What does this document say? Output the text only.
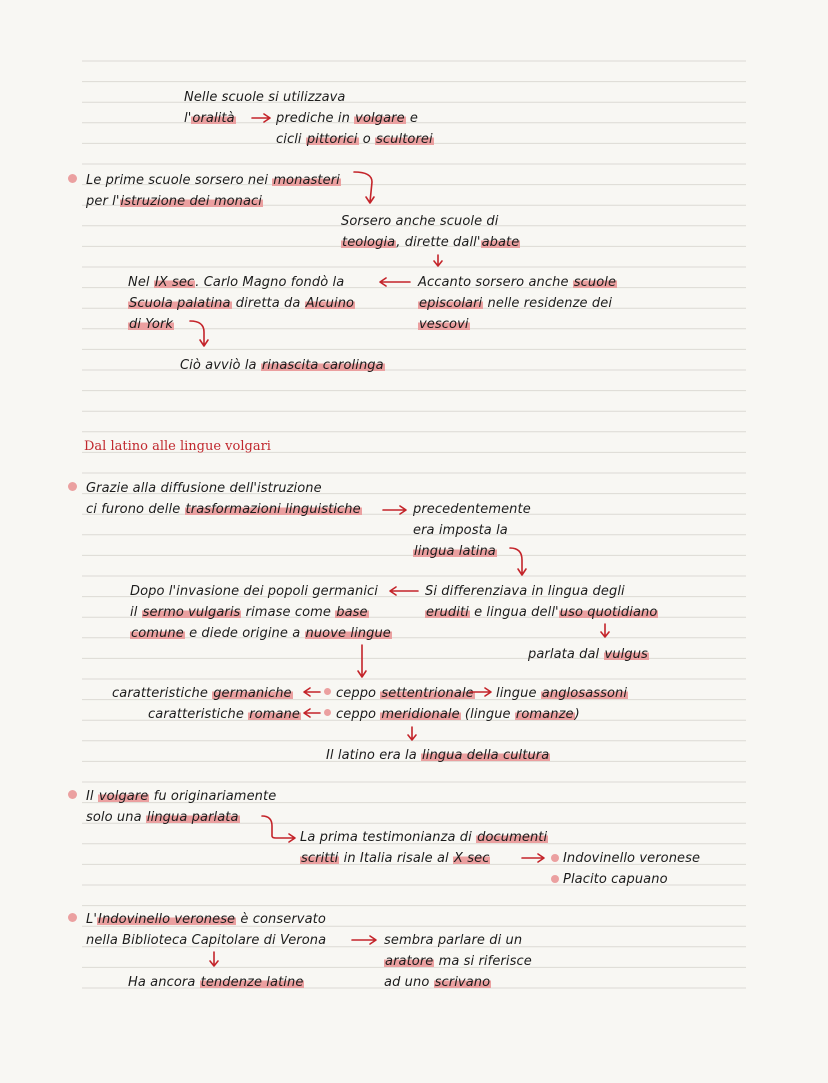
Nelle scuole si utilizzava
l'oralità	prediche in volgare e
cicli pittorici o scultorei
Le prime scuole sorsero nei monasteri
per l'istruzione dei monaci
Sorsero anche scuole di
teologia, dirette dall'abate
Accanto sorsero anche scuole
episcolari nelle residenze dei
vescovi
Nel IX sec. Carlo Magno fondò la
Scuola palatina diretta da Alcuino
di York
Ciò avviò la rinascita carolinga
Dal latino alle lingue volgari
Grazie alla diffusione dell'istruzione
ci furono delle trasformazioni linguistiche	precedentemente
era imposta la
lingua latina
Si differenziava in lingua degli
eruditi e lingua dell'uso quotidiano
parlata dal vulgus
Dopo l'invasione dei popoli germanici
il sermo vulgaris rimase come base
comune e diede origine a nuove lingue
caratteristiche germaniche
caratteristiche romane
ceppo settentrionale lingue anglosassoni
ceppo meridionale (lingue romanze)
Il latino era la lingua della cultura
Il volgare fu originariamente
solo una lingua parlata
La prima testimonianza di documenti
scritti in Italia risale al X sec	Indovinello veronese
Placito capuano
L'Indovinello veronese è conservato
nella Biblioteca Capitolare di Verona	sembra parlare di un
aratore ma si riferisce
ad uno scrivano
Ha ancora tendenze latine
